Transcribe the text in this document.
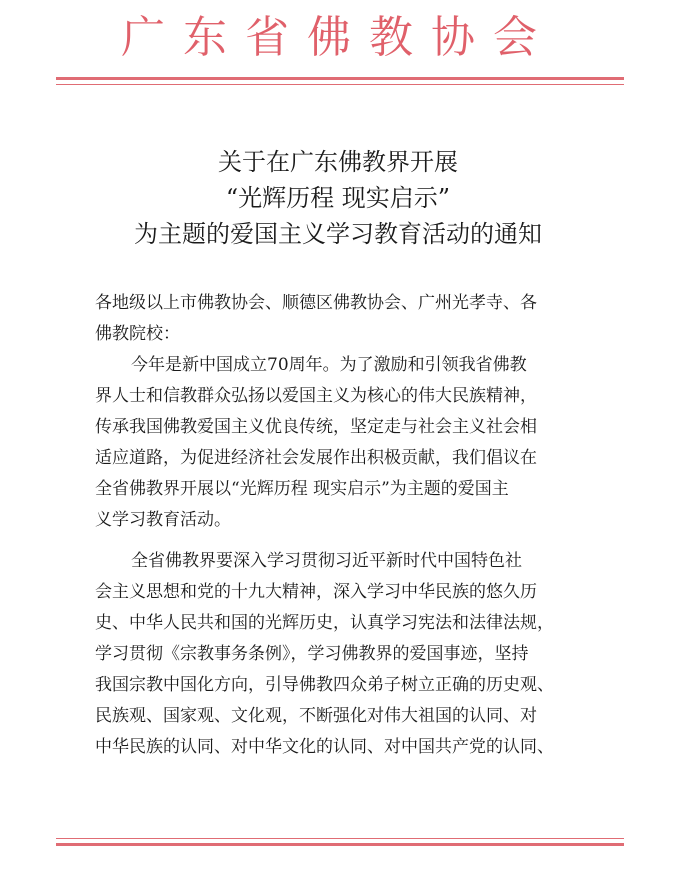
广东省佛教协会
关于在广东佛教界开展
“光辉历程 现实启示”
为主题的爱国主义学习教育活动的通知
各地级以上市佛教协会、顺德区佛教协会、广州光孝寺、各
佛教院校：
今年是新中国成立70周年。为了激励和引领我省佛教
界人士和信教群众弘扬以爱国主义为核心的伟大民族精神，
传承我国佛教爱国主义优良传统，坚定走与社会主义社会相
适应道路，为促进经济社会发展作出积极贡献，我们倡议在
全省佛教界开展以“光辉历程 现实启示”为主题的爱国主
义学习教育活动。
全省佛教界要深入学习贯彻习近平新时代中国特色社
会主义思想和党的十九大精神，深入学习中华民族的悠久历
史、中华人民共和国的光辉历史，认真学习宪法和法律法规，
学习贯彻《宗教事务条例》，学习佛教界的爱国事迹，坚持
我国宗教中国化方向，引导佛教四众弟子树立正确的历史观、
民族观、国家观、文化观，不断强化对伟大祖国的认同、对
中华民族的认同、对中华文化的认同、对中国共产党的认同、
